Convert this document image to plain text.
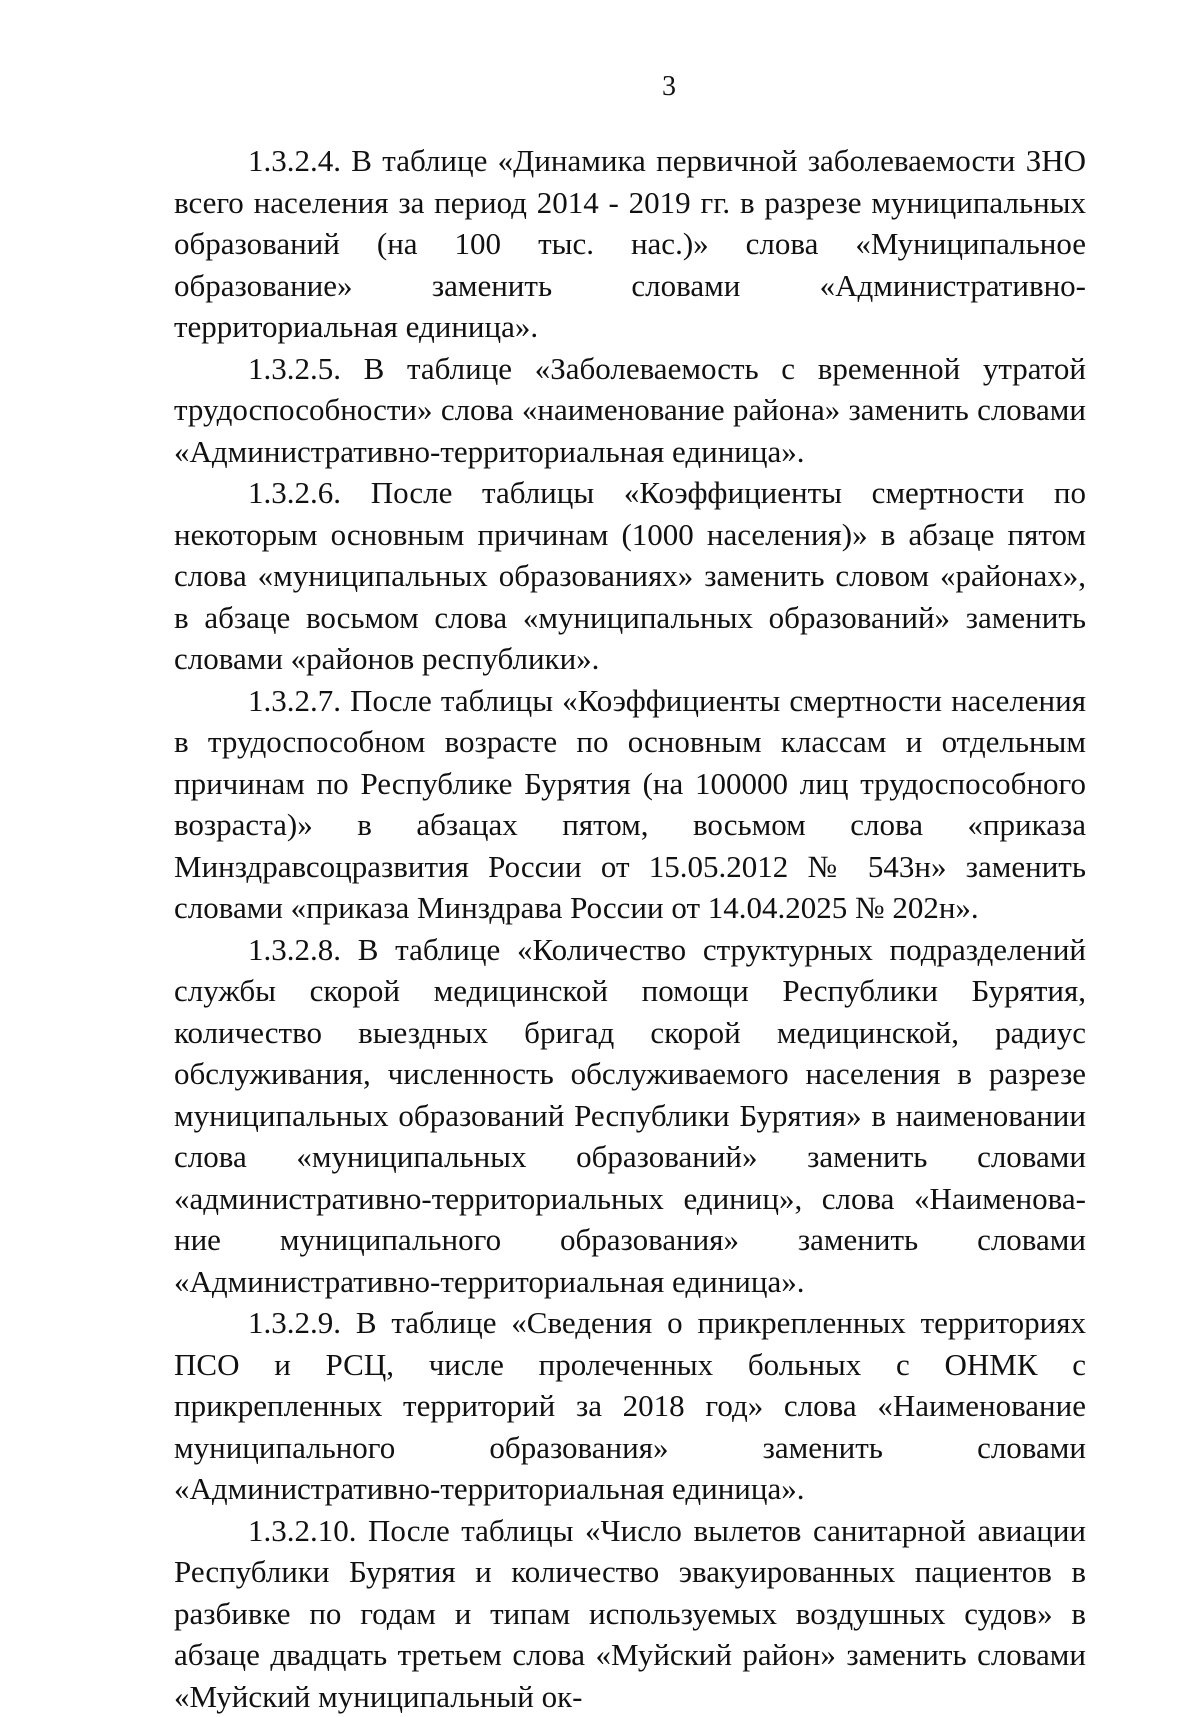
3

1.3.2.4. В таблице «Динамика первичной заболеваемости ЗНО всего населения за период 2014 - 2019 гг. в разрезе муниципальных образований (на 100 тыс. нас.)» слова «Муниципальное образование» заменить словами «Административно-территориальная единица».

1.3.2.5. В таблице «Заболеваемость с временной утратой трудоспособности» слова «наименование района» заменить словами «Административно-территориальная единица».

1.3.2.6. После таблицы «Коэффициенты смертности по некоторым основным причинам (1000 населения)» в абзаце пятом слова «муниципальных образованиях» заменить словом «районах», в абзаце восьмом слова «муниципальных образований» заменить словами «районов республики».

1.3.2.7. После таблицы «Коэффициенты смертности населения в трудоспособном возрасте по основным классам и отдельным причинам по Республике Бурятия (на 100000 лиц трудоспособного возраста)» в абзацах пятом, восьмом слова «приказа Минздравсоцразвития России от 15.05.2012 № 543н» заменить словами «приказа Минздрава России от 14.04.2025 № 202н».

1.3.2.8. В таблице «Количество структурных подразделений службы скорой медицинской помощи Республики Бурятия, количество выездных бригад скорой медицинской, радиус обслуживания, численность обслуживаемого населения в разрезе муниципальных образований Республики Бурятия» в наименовании слова «муниципальных образований» заменить словами «административно-территориальных единиц», слова «Наименование муниципального образования» заменить словами «Административно-территориальная единица».

1.3.2.9. В таблице «Сведения о прикрепленных территориях ПСО и РСЦ, числе пролеченных больных с ОНМК с прикрепленных территорий за 2018 год» слова «Наименование муниципального образования» заменить словами «Административно-территориальная единица».

1.3.2.10. После таблицы «Число вылетов санитарной авиации Республики Бурятия и количество эвакуированных пациентов в разбивке по годам и типам используемых воздушных судов» в абзаце двадцать третьем слова «Муйский район» заменить словами «Муйский муниципальный ок-
